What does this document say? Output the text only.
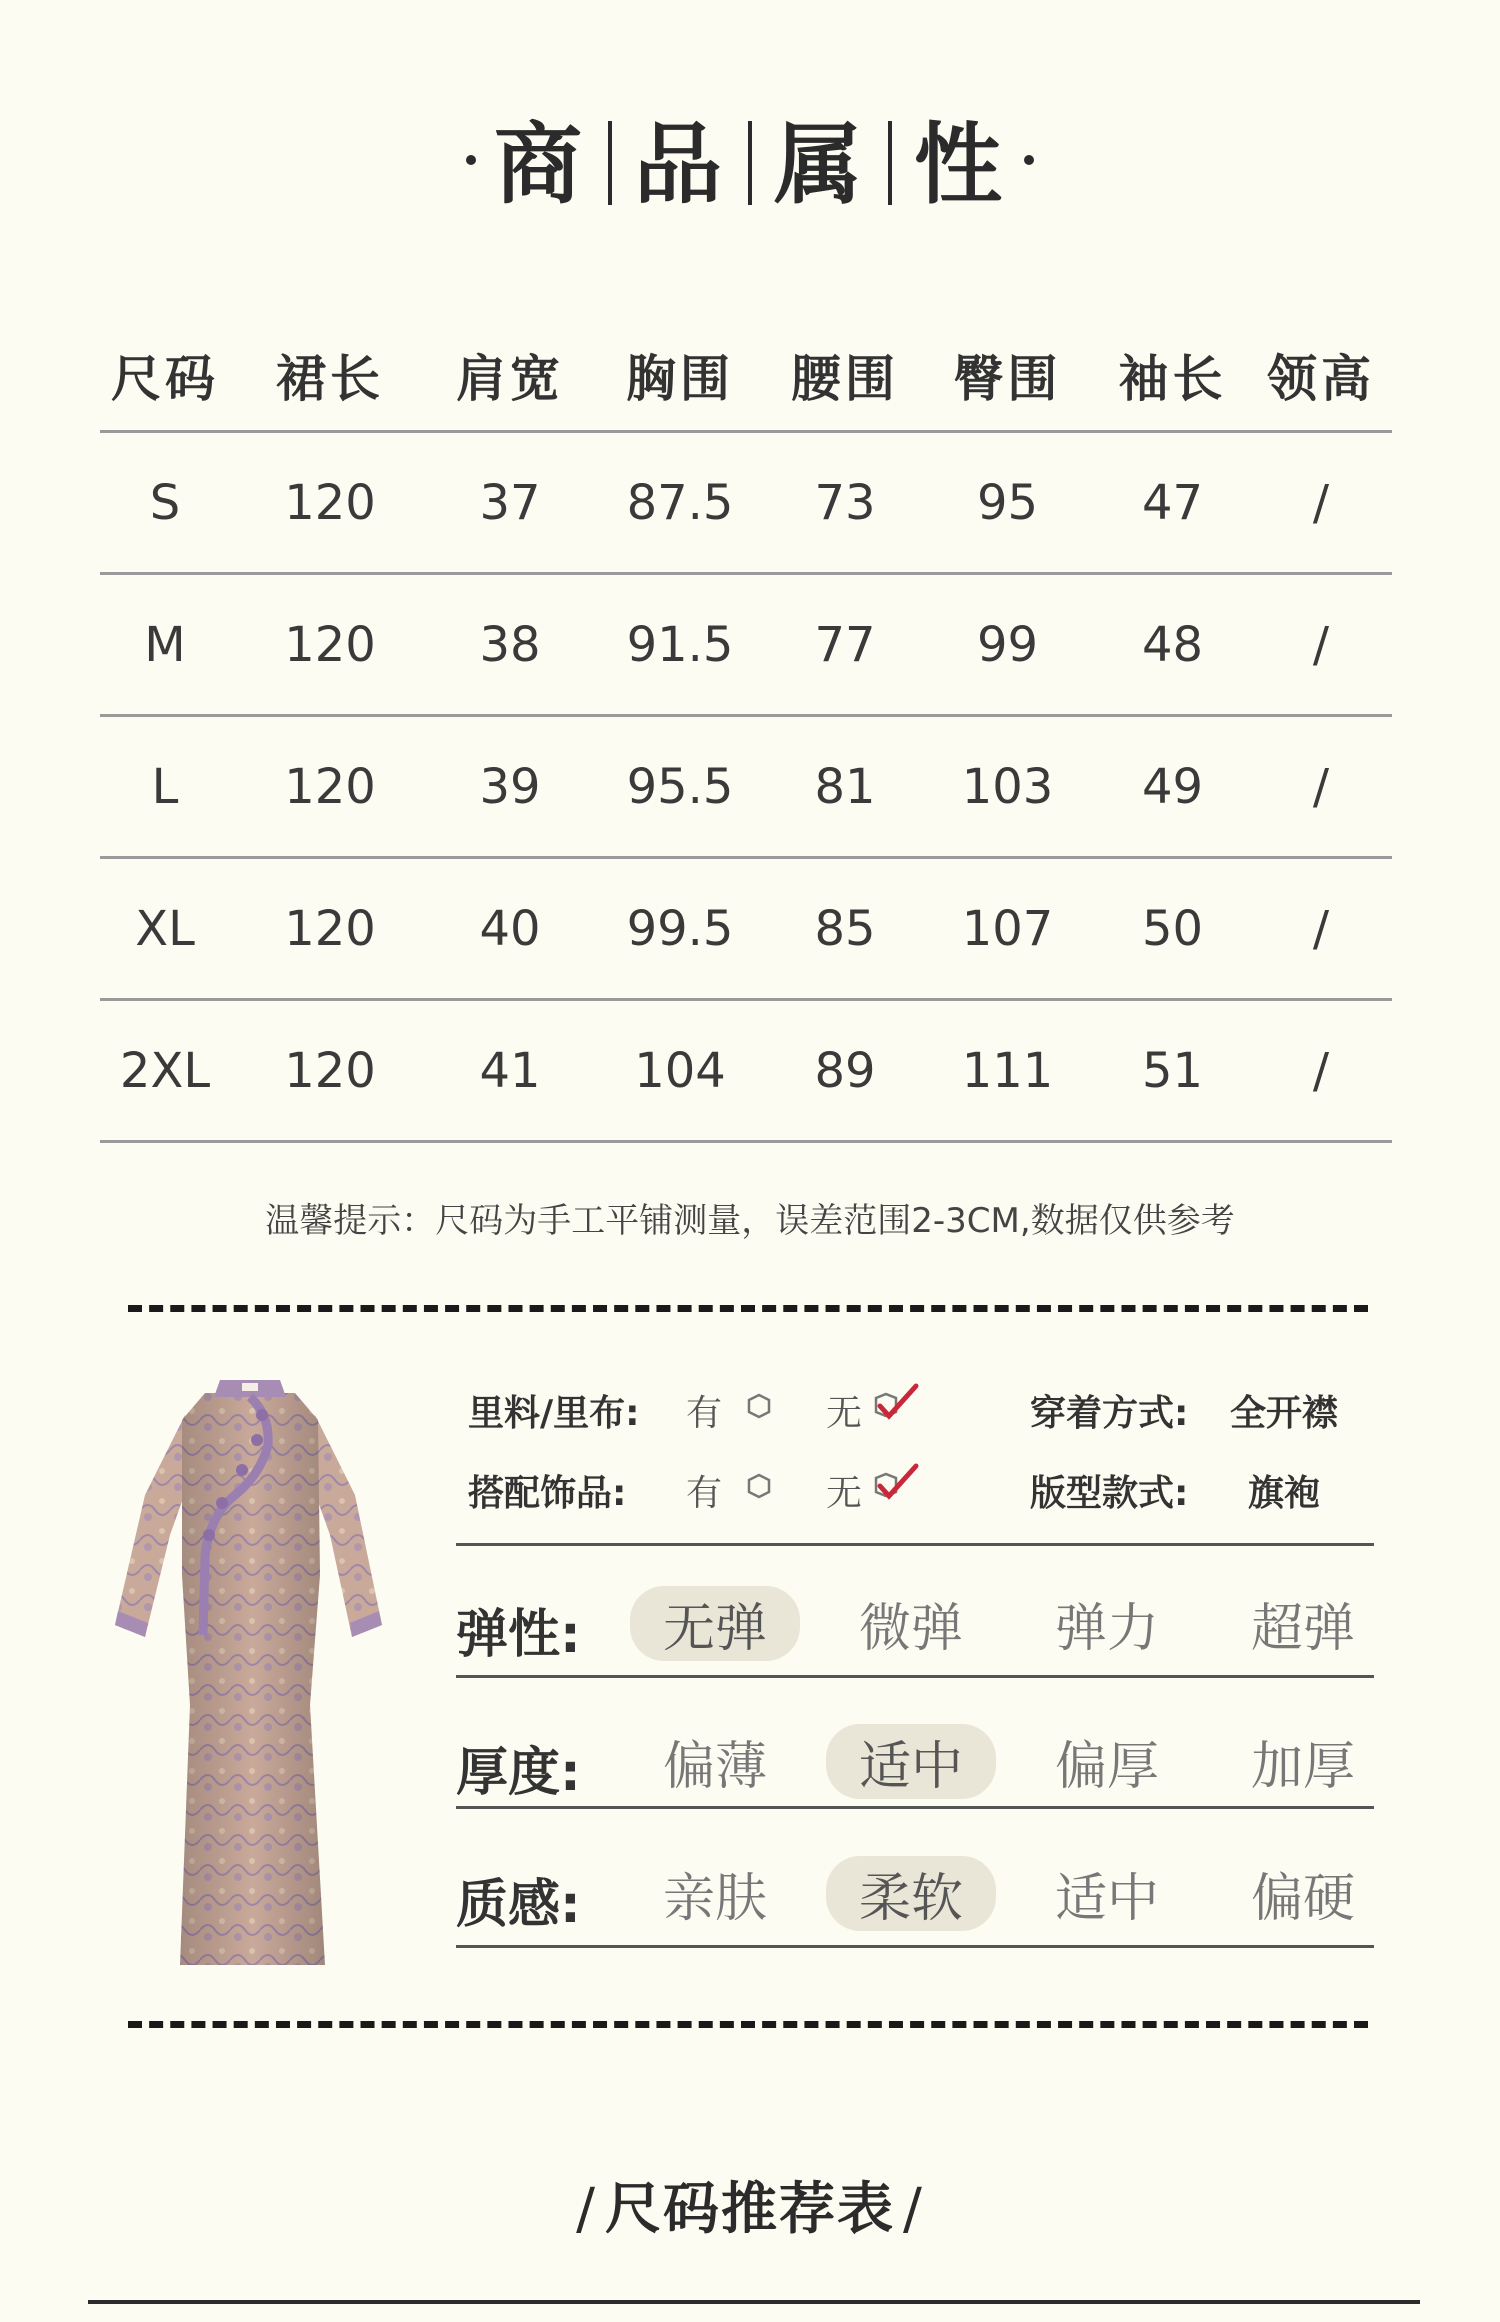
商 品 属 性
尺码	裙长	肩宽	胸围	腰围	臀围	袖长 领高
S	120	37	87.5	73	95	47	/
M	120	38	91.5	77	99	48	/
L	120	39	95.5	81	103	49	/
XL	120	40	99.5	85	107	50	/
2XL	120	41	104	89	111	51	/
温馨提示：尺码为手工平铺测量，误差范围2-3CM,数据仅供参考
里料/里布: 有	无
搭配饰品: 有	无
穿着方式: 全开襟
版型款式: 旗袍
弹性:	无弹	微弹	弹力	超弹
厚度:	偏薄	适中	偏厚	加厚
质感:	亲肤	柔软	适中	偏硬
/ 尺码推荐表 /
